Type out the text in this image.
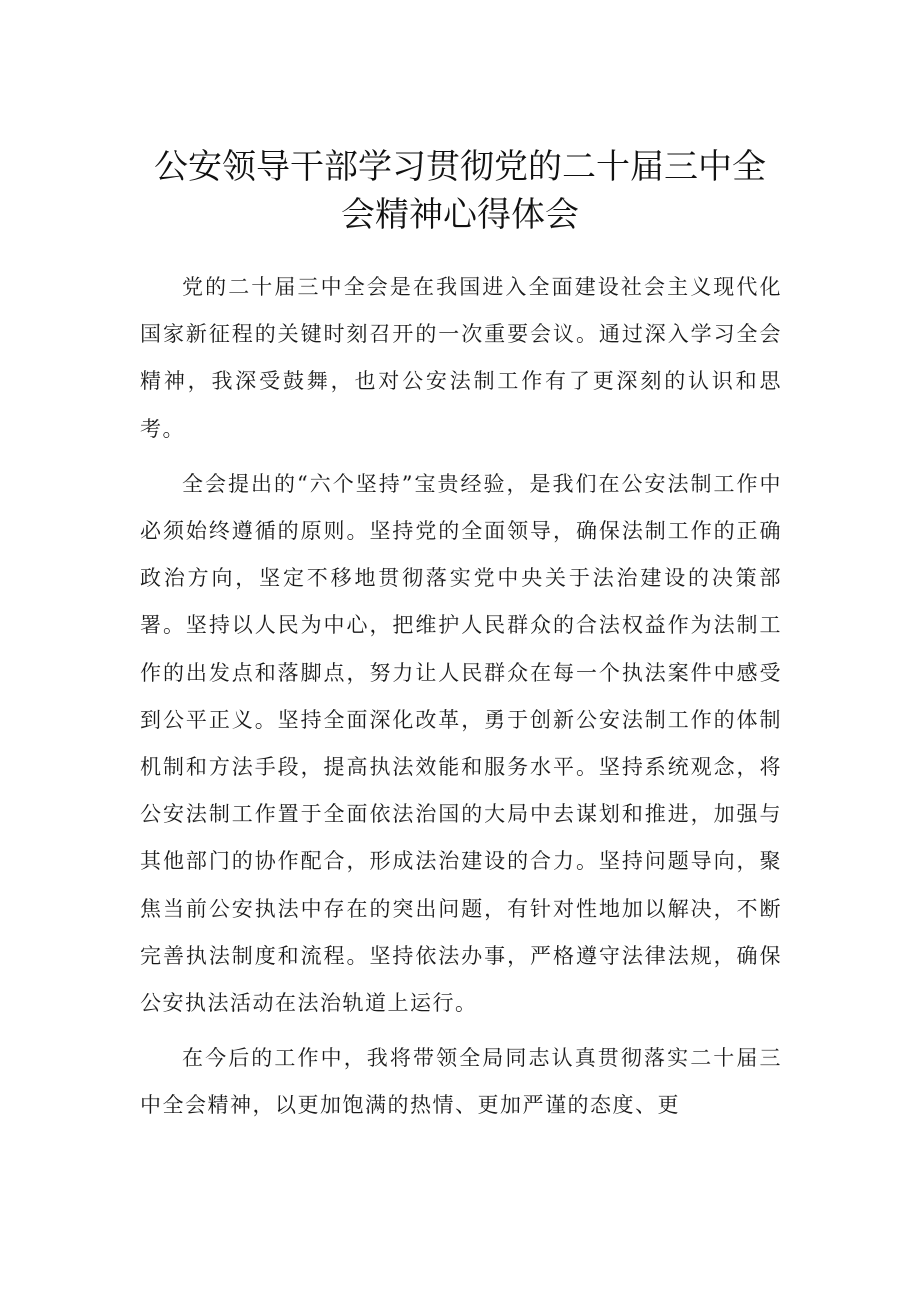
公安领导干部学习贯彻党的二十届三中全
会精神心得体会

党的二十届三中全会是在我国进入全面建设社会主义现代化国家新征程的关键时刻召开的一次重要会议。通过深入学习全会精神，我深受鼓舞，也对公安法制工作有了更深刻的认识和思考。

全会提出的“六个坚持”宝贵经验，是我们在公安法制工作中必须始终遵循的原则。坚持党的全面领导，确保法制工作的正确政治方向，坚定不移地贯彻落实党中央关于法治建设的决策部署。坚持以人民为中心，把维护人民群众的合法权益作为法制工作的出发点和落脚点，努力让人民群众在每一个执法案件中感受到公平正义。坚持全面深化改革，勇于创新公安法制工作的体制机制和方法手段，提高执法效能和服务水平。坚持系统观念，将公安法制工作置于全面依法治国的大局中去谋划和推进，加强与其他部门的协作配合，形成法治建设的合力。坚持问题导向，聚焦当前公安执法中存在的突出问题，有针对性地加以解决，不断完善执法制度和流程。坚持依法办事，严格遵守法律法规，确保公安执法活动在法治轨道上运行。

在今后的工作中，我将带领全局同志认真贯彻落实二十届三中全会精神，以更加饱满的热情、更加严谨的态度、更
